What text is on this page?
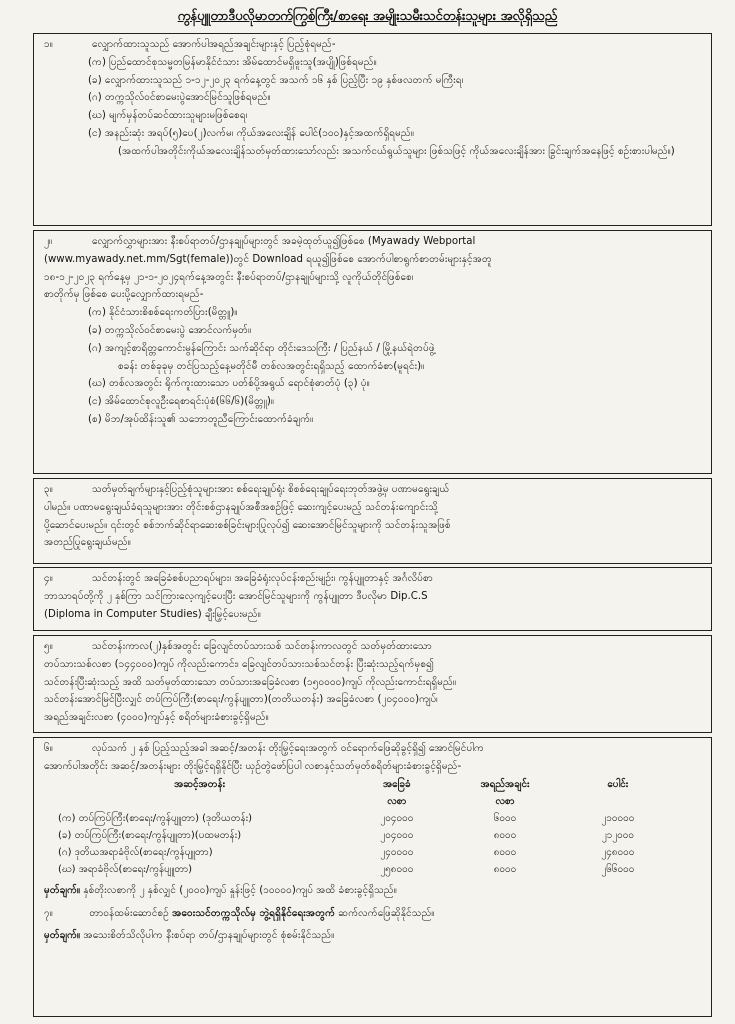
ကွန်ပျူတာဒီပလိုမာတက်ကြွစ်ကြီး/စာရေး အမျိုးသမီးသင်တန်းသူများ အလိုရှိသည်
၁။	လျှောက်ထားသူသည် အောက်ပါအရည်အချင်းများနှင့် ပြည့်စုံရမည်-
(က) ပြည်ထောင်စုသမ္မတမြန်မာနိုင်ငံသား အိမ်ထောင်မရှိဖူးသူ(အပျို)ဖြစ်ရမည်။
(ခ) လျှောက်ထားသူသည် ၁-၁၂-၂၀၂၃ ရက်နေ့တွင် အသက် ၁၆ နှစ် ပြည့်ပြီး ၁၉ နှစ်ဖလတက် မကြီးရ၊
(ဂ) တက္ကသိုလ်ဝင်စာမေးပွဲအောင်မြင်သူဖြစ်ရမည်။
(ဃ) မျက်မှန်တပ်ဆင်ထားသူများမဖြစ်စေရ၊
(င) အနည်းဆုံး အရပ်(၅)ပေ(၂)လက်မ၊ ကိုယ်အလေးချိန် ပေါင်(၁၀၀)နှင့်အထက်ရှိရမည်။
(အထက်ပါအတိုင်းကိုယ်အလေးချိန်သတ်မှတ်ထားသော်လည်း အသက်ငယ်ရွယ်သူများ ဖြစ်သဖြင့် ကိုယ်အလေးချိန်အား ခြွင်းချက်အနေဖြင့် စဉ်းစားပါမည်။)
၂။	လျှောက်လွှာများအား နီးစပ်ရာတပ်/ဌာနချုပ်များတွင် အခမဲ့ထုတ်ယူ၍ဖြစ်စေ (Myawady Webportal
(www.myawady.net.mm/Sgt(female))တွင် Download ရယူ၍ဖြစ်စေ အောက်ပါစာရွက်စာတမ်းများနှင့်အတူ
၁၈-၁၂-၂၀၂၃ ရက်နေ့မှ ၂၁-၁-၂၀၂၄ရက်နေ့အတွင်း နီးစပ်ရာတပ်/ဌာနချုပ်များသို့ လူကိုယ်တိုင်ဖြစ်စေ၊
စာတိုက်မှ ဖြစ်စေ ပေးပို့လျှောက်ထားရမည်-
(က) နိုင်ငံသားစိစစ်ရေးကတ်ပြား(မိတ္တူ)။
(ခ) တက္ကသိုလ်ဝင်စာမေးပွဲ အောင်လက်မှတ်။
(ဂ) အကျင့်စာရိတ္တကောင်းမွန်ကြောင်း သက်ဆိုင်ရာ တိုင်းဒေသကြီး / ပြည်နယ် / မြို့နယ်ရဲတပ်ဖွဲ့
စခန်း တစ်ခုခုမှ တင်ပြသည့်နေ့မတိုင်မီ တစ်လအတွင်းရရှိသည့် ထောက်ခံစာ(မူရင်း)။
(ဃ) တစ်လအတွင်း ရိုက်ကူးထားသော ပတ်စ်ပို့အရွယ် ရောင်စုံဓာတ်ပုံ (၃) ပုံ။
(င) အိမ်ထောင်စုလူဦးရေစာရင်းပုံစံ(၆၆/၆)(မိတ္တူ)။
(စ) မိဘ/အုပ်ထိန်းသူ၏ သဘောတူညီကြောင်းထောက်ခံချက်။
၃။	သတ်မှတ်ချက်များနှင့်ပြည့်စုံသူများအား စစ်ရေးချုပ်ရုံး စိစစ်ရေးချုပ်ရေးဘုတ်အဖွဲ့မှ ပဏာမရွေးချယ်
ပါမည်။ ပဏာမရွေးချယ်ခံရသူများအား တိုင်းစစ်ဌာနချုပ်အစီအစဉ်ဖြင့် ဆေးကျင့်ပေးမည့် သင်တန်းကျောင်းသို့
ပို့ဆောင်ပေးမည်။ ၎င်းတွင် စစ်ဘက်ဆိုင်ရာဆေးစစ်ခြင်းများပြုလုပ်၍ ဆေးအောင်မြင်သူများကို သင်တန်းသူအဖြစ်
အတည်ပြုရွေးချယ်မည်။
၄။	သင်တန်းတွင် အခြေခံစစ်ပညာရပ်များ၊ အခြေခံရုံးလုပ်ငန်းစည်းမျဉ်း၊ ကွန်ပျူတာနှင့် အင်္ဂလိပ်စာ
ဘာသာရပ်တို့ကို ၂ နှစ်ကြာ သင်ကြားလေ့ကျင့်ပေးပြီး အောင်မြင်သူများကို ကွန်ပျူတာ ဒီပလိုမာ Dip.C.S
(Diploma in Computer Studies) ချီးမြှင့်ပေးမည်။
၅။	သင်တန်းကာလ(၂)နှစ်အတွင်း ခြေလျင်တပ်သားသစ် သင်တန်းကာလတွင် သတ်မှတ်ထားသော
တပ်သားသစ်လစာ (၁၄၄၀၀၀)ကျပ် ကိုလည်းကောင်း၊ ခြေလျင်တပ်သားသစ်သင်တန်း ပြီးဆုံးသည့်ရက်မှစ၍
သင်တန်းပြီးဆုံးသည့် အထိ သတ်မှတ်ထားသော တပ်သားအခြေခံလစာ (၁၅၀၀၀၀)ကျပ် ကိုလည်းကောင်းရရှိမည်။
သင်တန်းအောင်မြင်ပြီးလျှင် တပ်ကြပ်ကြီး(စာရေး/ကွန်ပျူတာ)(တတိယတန်း) အခြေခံလစာ (၂၀၄၀၀၀)ကျပ်၊
အရည်အချင်းလစာ (၄၀၀၀)ကျပ်နှင့် စရိတ်များခံစားခွင့်ရှိမည်။
၆။	လုပ်သက် ၂ နှစ် ပြည့်သည့်အခါ အဆင့်/အတန်း တိုးမြှင့်ရေးအတွက် ဝင်ရောက်ဖြေဆိုခွင့်ရှိ၍ အောင်မြင်ပါက
အောက်ပါအတိုင်း အဆင့်/အတန်းများ တိုးမြှင့်ရရှိနိုင်ပြီး ယှဉ်တွဲဖော်ပြပါ လစာနှင့်သတ်မှတ်စရိတ်များခံစားခွင့်ရှိမည်-
အဆင့်အတန်း	အခြေခံ	အရည်အချင်း	ပေါင်း
	လစာ	လစာ	
(က) တပ်ကြပ်ကြီး(စာရေး/ကွန်ပျူတာ) (ဒုတိယတန်း)	၂၀၄၀၀၀	၆၀၀၀	၂၁၀၀၀၀
(ခ) တပ်ကြပ်ကြီး(စာရေး/ကွန်ပျူတာ)(ပထမတန်း)	၂၀၄၀၀၀	၈၀၀၀	၂၁၂၀၀၀
(ဂ) ဒုတိယအရာခံဗိုလ်(စာရေး/ကွန်ပျူတာ)	၂၄၀၀၀၀	၈၀၀၀	၂၄၈၀၀၀
(ဃ) အရာခံဗိုလ်(စာရေး/ကွန်ပျူတာ)	၂၅၈၀၀၀	၈၀၀၀	၂၆၆၀၀၀
မှတ်ချက်။ နှစ်တိုးလစာကို ၂ နှစ်လျှင် (၂၀၀၀)ကျပ် နှုန်းဖြင့် (၁၀၀၀၀)ကျပ် အထိ ခံစားခွင့်ရှိသည်။
၇။	တာဝန်ထမ်းဆောင်စဉ် အဝေးသင်တက္ကသိုလ်မှ ဘွဲ့ရရှိနိုင်ရေးအတွက် ဆက်လက်ဖြေဆိုနိုင်သည်။
မှတ်ချက်။ အသေးစိတ်သိလိုပါက နီးစပ်ရာ တပ်/ဌာနချုပ်များတွင် စုံစမ်းနိုင်သည်။
